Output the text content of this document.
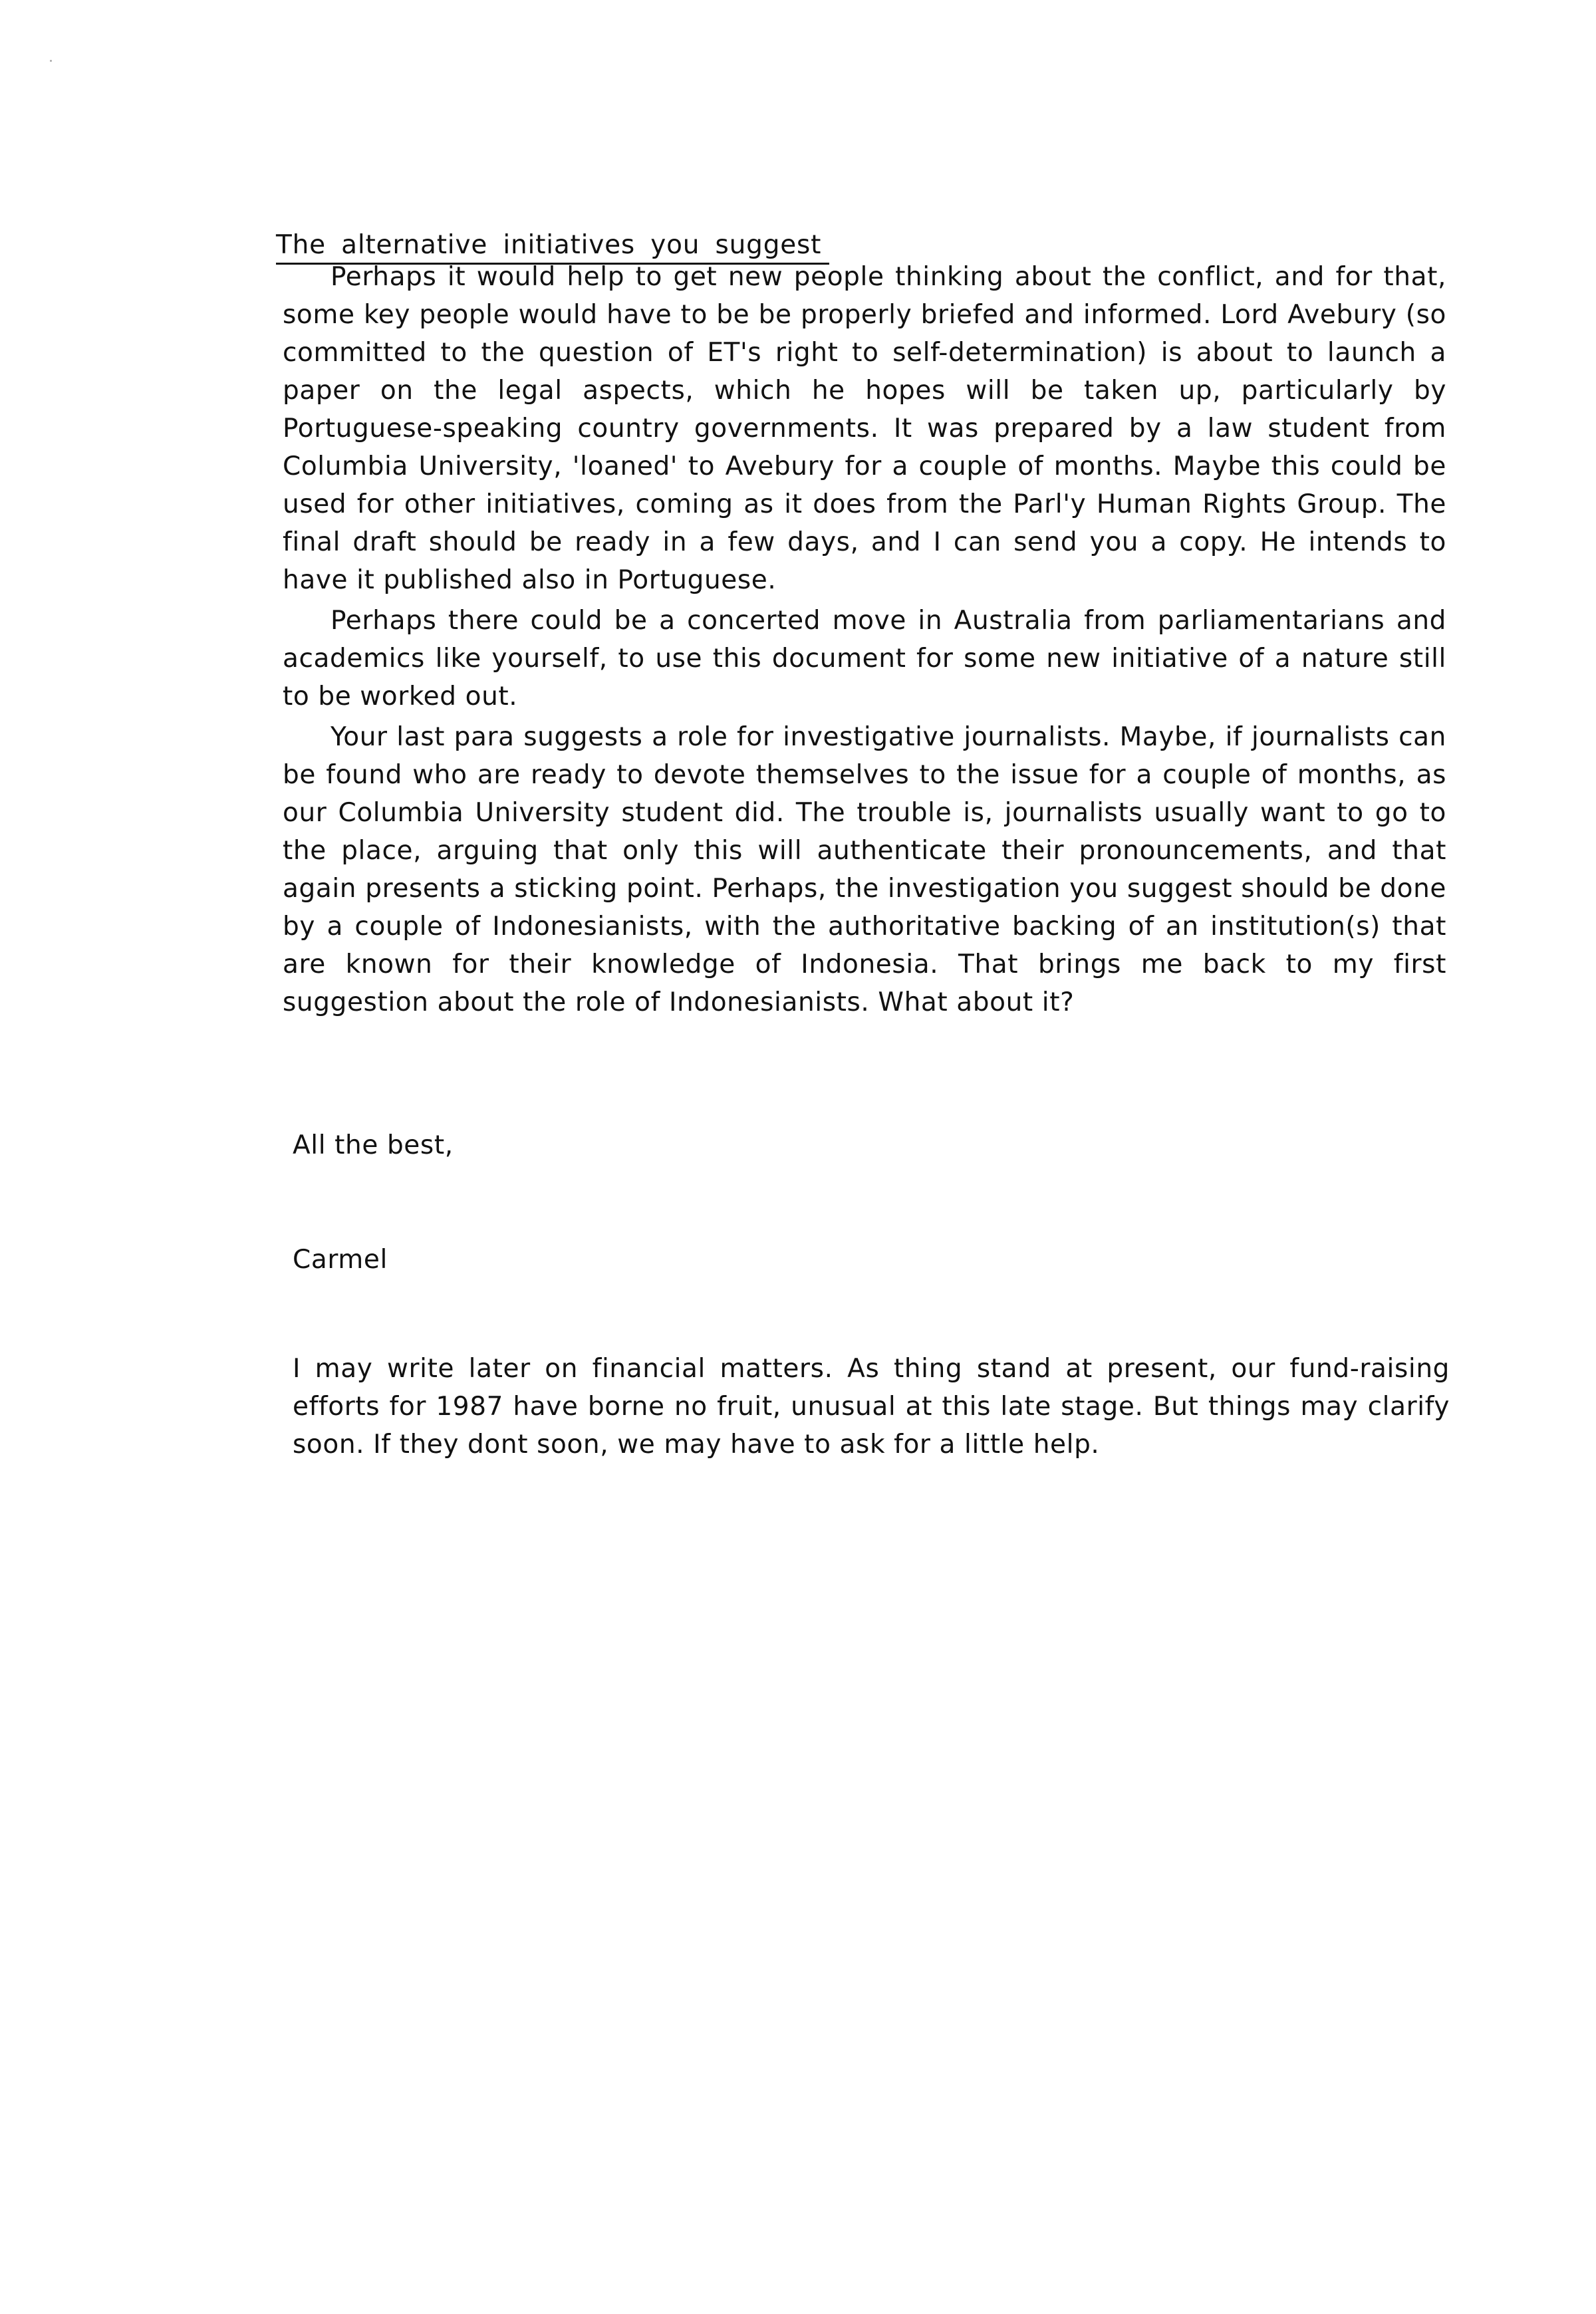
The alternative initiatives you suggest

Perhaps it would help to get new people thinking about the conflict, and for that, some key people would have to be be properly briefed and informed. Lord Avebury (so committed to the question of ET's right to self-determination) is about to launch a paper on the legal aspects, which he hopes will be taken up, particularly by Portuguese-speaking country governments. It was prepared by a law student from Columbia University, 'loaned' to Avebury for a couple of months. Maybe this could be used for other initiatives, coming as it does from the Parl'y Human Rights Group. The final draft should be ready in a few days, and I can send you a copy. He intends to have it published also in Portuguese.

Perhaps there could be a concerted move in Australia from parliamentarians and academics like yourself, to use this document for some new initiative of a nature still to be worked out.

Your last para suggests a role for investigative journalists. Maybe, if journalists can be found who are ready to devote themselves to the issue for a couple of months, as our Columbia University student did. The trouble is, journalists usually want to go to the place, arguing that only this will authenticate their pronouncements, and that again presents a sticking point. Perhaps, the investigation you suggest should be done by a couple of Indonesianists, with the authoritative backing of an institution(s) that are known for their knowledge of Indonesia. That brings me back to my first suggestion about the role of Indonesianists. What about it?

All the best,
Carmel

I may write later on financial matters. As thing stand at present, our fund-raising efforts for 1987 have borne no fruit, unusual at this late stage. But things may clarify soon. If they dont soon, we may have to ask for a little help.
